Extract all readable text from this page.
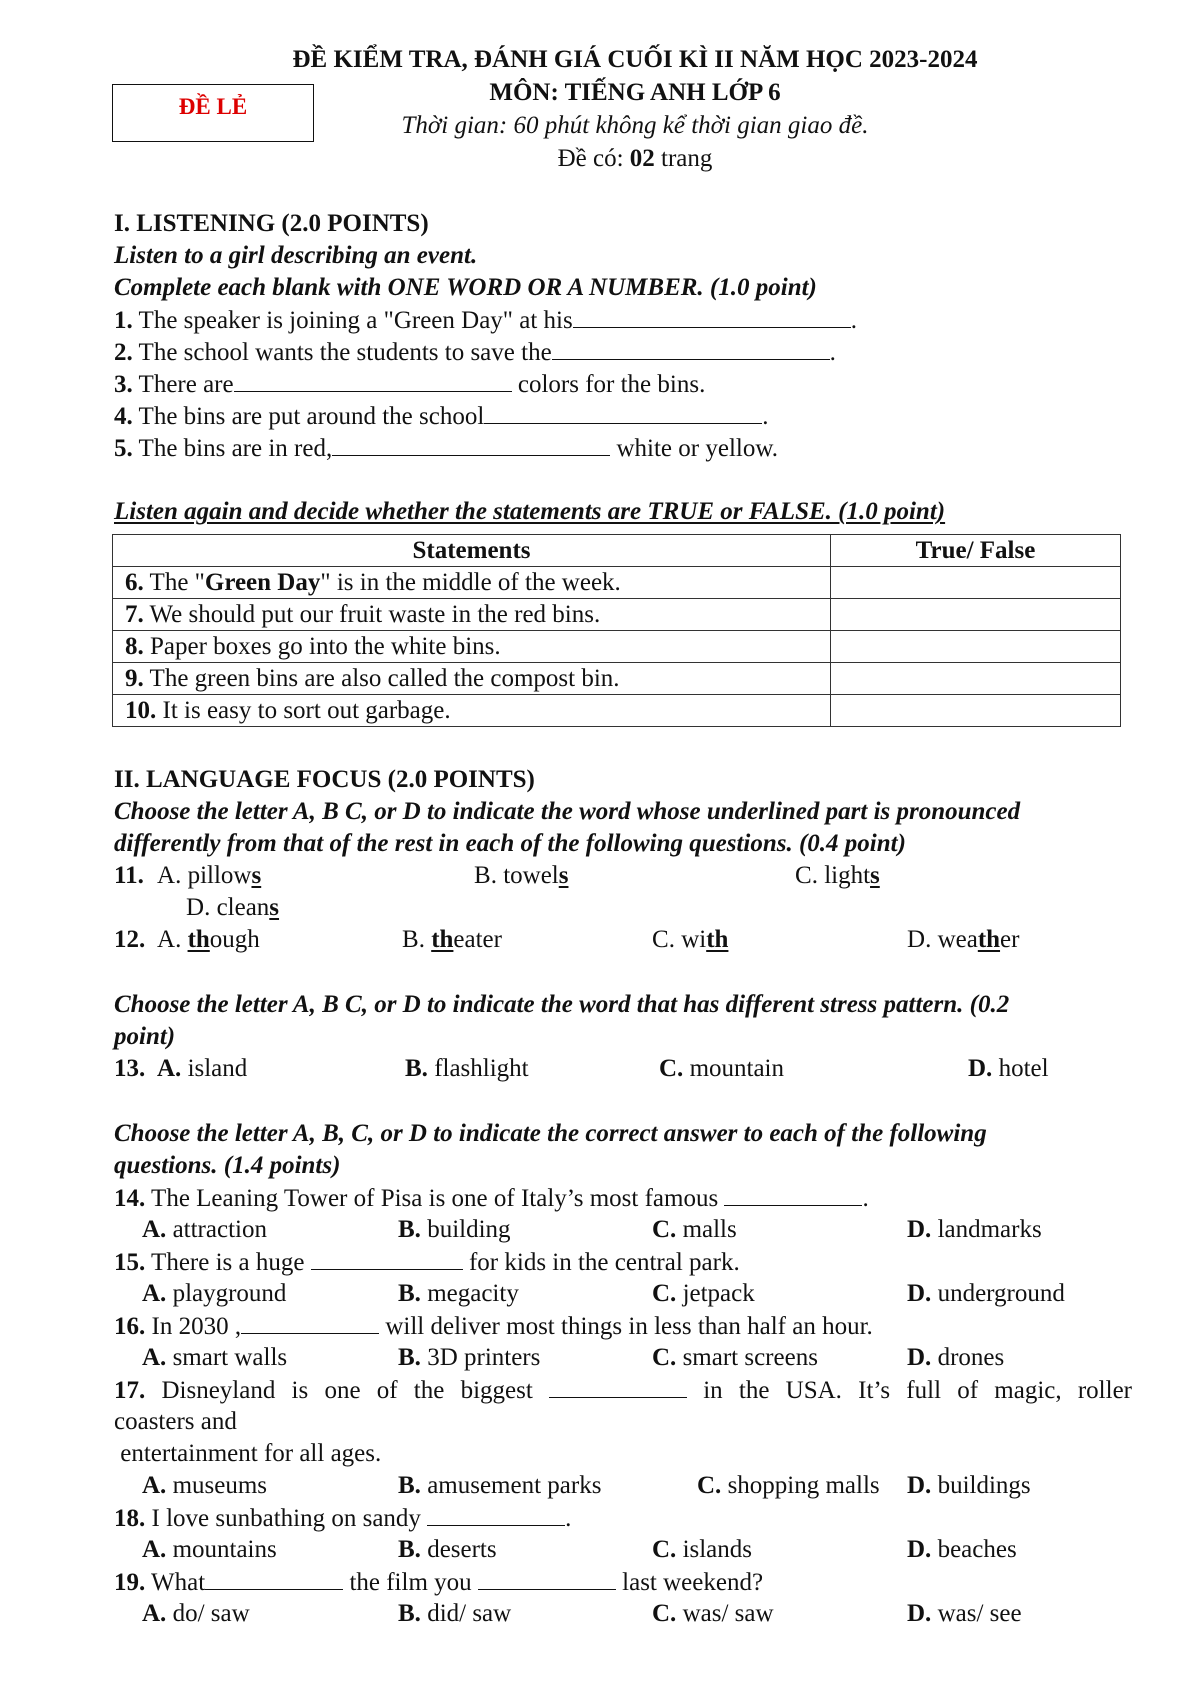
ĐỀ KIỂM TRA, ĐÁNH GIÁ CUỐI KÌ II NĂM HỌC 2023-2024
ĐỀ LẺ
MÔN: TIẾNG ANH LỚP 6
Thời gian: 60 phút không kể thời gian giao đề.
Đề có: 02 trang
I. LISTENING (2.0 POINTS)
Listen to a girl describing an event.
Complete each blank with ONE WORD OR A NUMBER. (1.0 point)
1. The speaker is joining a "Green Day" at his	.
2. The school wants the students to save the	.
3. There are	colors for the bins.
4. The bins are put around the school	.
5. The bins are in red,	white or yellow.
Listen again and decide whether the statements are TRUE or FALSE. (1.0 point)
Statements	True/ False
6. The "Green Day" is in the middle of the week.	
7. We should put our fruit waste in the red bins.	
8. Paper boxes go into the white bins.	
9. The green bins are also called the compost bin.	
10. It is easy to sort out garbage.	
II. LANGUAGE FOCUS (2.0 POINTS)
Choose the letter A, B C, or D to indicate the word whose underlined part is pronounced
differently from that of the rest in each of the following questions. (0.4 point)
11. A. pillows	B. towels	C. lights
D. cleans
12. A. though	B. theater	C. with	D. weather
Choose the letter A, B C, or D to indicate the word that has different stress pattern. (0.2
point)
13. A. island	B. flashlight	C. mountain	D. hotel
Choose the letter A, B, C, or D to indicate the correct answer to each of the following
questions. (1.4 points)
14. The Leaning Tower of Pisa is one of Italy’s most famous	.
A. attraction	B. building	C. malls	D. landmarks
15. There is a huge	for kids in the central park.
A. playground	B. megacity	C. jetpack	D. underground
16. In 2030 ,	will deliver most things in less than half an hour.
A. smart walls	B. 3D printers	C. smart screens	D. drones
17. Disneyland is one of the biggest	in the USA. It’s full of magic, roller
coasters and
entertainment for all ages.
A. museums	B. amusement parks	C. shopping malls D. buildings
18. I love sunbathing on sandy	.
A. mountains	B. deserts	C. islands	D. beaches
19. What	the film you	last weekend?
A. do/ saw	B. did/ saw	C. was/ saw	D. was/ see
